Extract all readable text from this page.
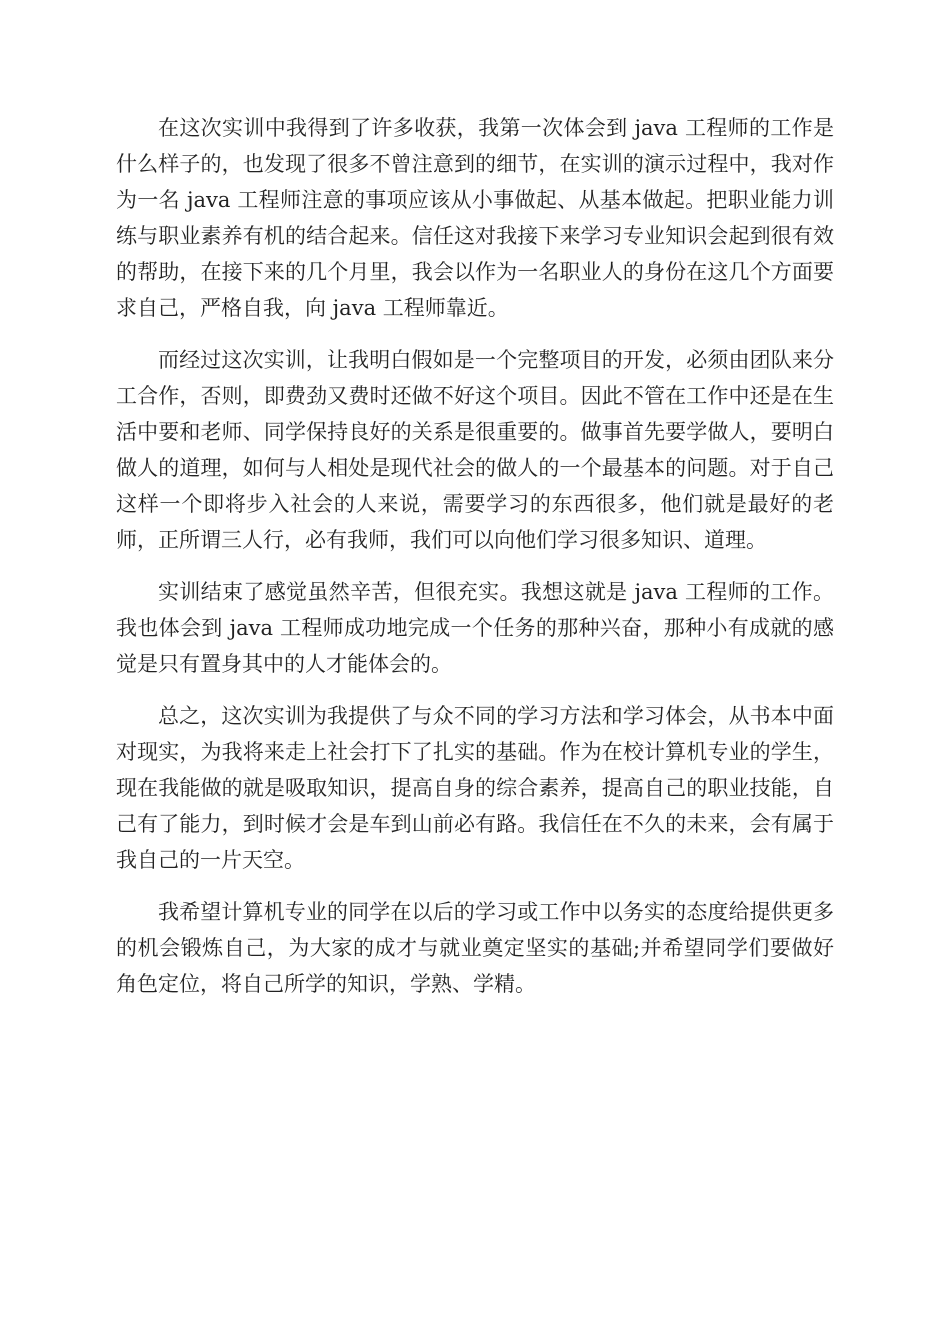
在这次实训中我得到了许多收获，我第一次体会到 java 工程师的工作是什么样子的，也发现了很多不曾注意到的细节，在实训的演示过程中，我对作为一名 java 工程师注意的事项应该从小事做起、从基本做起。把职业能力训练与职业素养有机的结合起来。信任这对我接下来学习专业知识会起到很有效的帮助，在接下来的几个月里，我会以作为一名职业人的身份在这几个方面要求自己，严格自我，向 java 工程师靠近。

而经过这次实训，让我明白假如是一个完整项目的开发，必须由团队来分工合作，否则，即费劲又费时还做不好这个项目。因此不管在工作中还是在生活中要和老师、同学保持良好的关系是很重要的。做事首先要学做人，要明白做人的道理，如何与人相处是现代社会的做人的一个最基本的问题。对于自己这样一个即将步入社会的人来说，需要学习的东西很多，他们就是最好的老师，正所谓三人行，必有我师，我们可以向他们学习很多知识、道理。

实训结束了感觉虽然辛苦，但很充实。我想这就是 java 工程师的工作。我也体会到 java 工程师成功地完成一个任务的那种兴奋，那种小有成就的感觉是只有置身其中的人才能体会的。

总之，这次实训为我提供了与众不同的学习方法和学习体会，从书本中面对现实，为我将来走上社会打下了扎实的基础。作为在校计算机专业的学生，现在我能做的就是吸取知识，提高自身的综合素养，提高自己的职业技能，自己有了能力，到时候才会是车到山前必有路。我信任在不久的未来，会有属于我自己的一片天空。

我希望计算机专业的同学在以后的学习或工作中以务实的态度给提供更多的机会锻炼自己，为大家的成才与就业奠定坚实的基础;并希望同学们要做好角色定位，将自己所学的知识，学熟、学精。
